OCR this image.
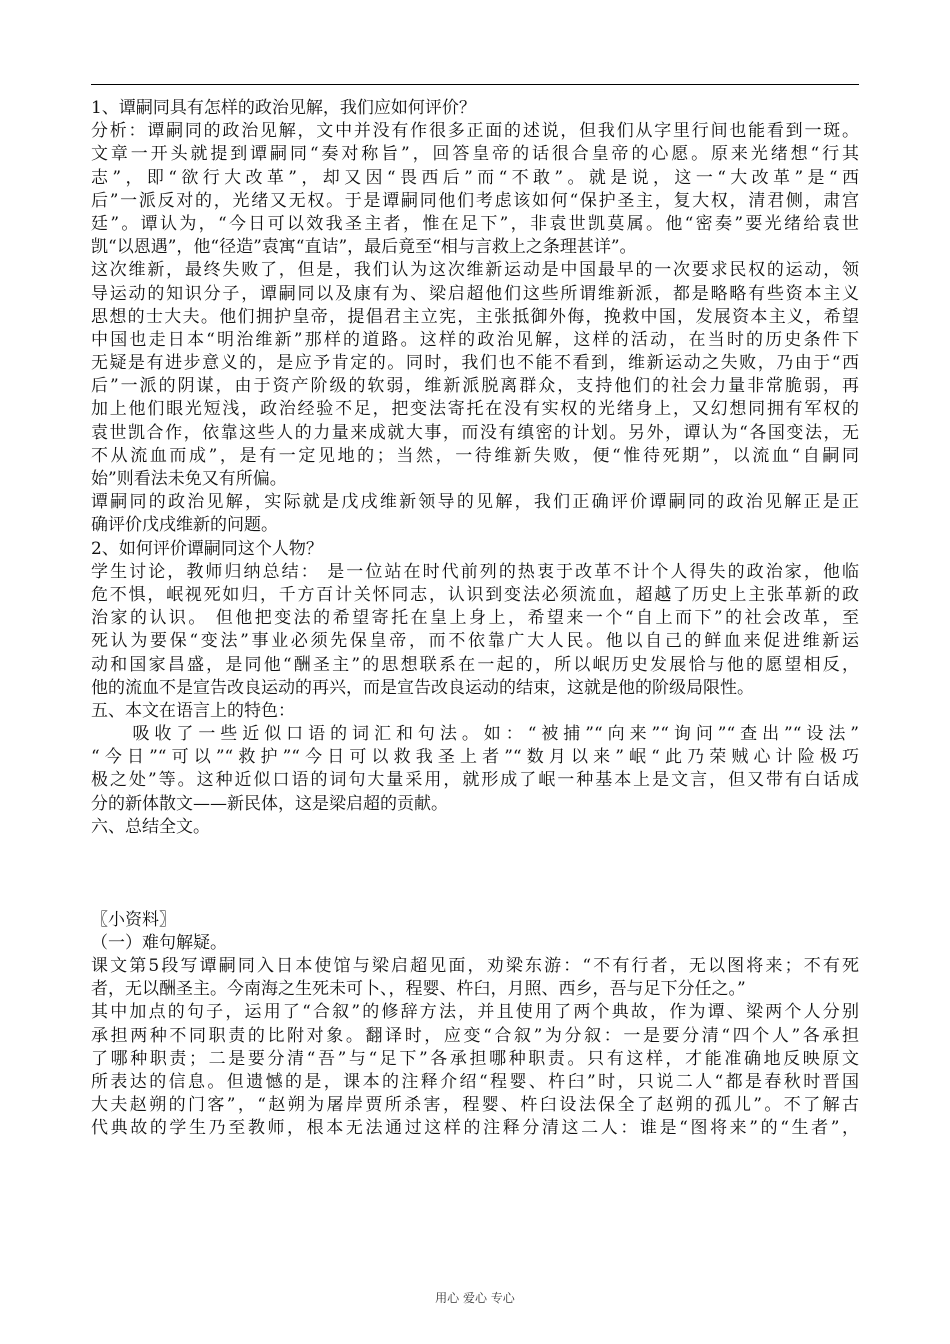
1、谭嗣同具有怎样的政治见解，我们应如何评价？
分析：谭嗣同的政治见解，文中并没有作很多正面的述说，但我们从字里行间也能看到一斑。
文章一开头就提到谭嗣同“奏对称旨”，回答皇帝的话很合皇帝的心愿。原来光绪想“行其
志”，即“欲行大改革”，却又因“畏西后”而“不敢”。就是说，这一“大改革”是“西
后”一派反对的，光绪又无权。于是谭嗣同他们考虑该如何“保护圣主，复大权，清君侧，肃宫
廷”。谭认为，“今日可以效我圣主者，惟在足下”，非袁世凯莫属。他“密奏”要光绪给袁世
凯“以恩遇”，他“径造”袁寓“直诘”，最后竟至“相与言救上之条理甚详”。
这次维新，最终失败了，但是，我们认为这次维新运动是中国最早的一次要求民权的运动，领
导运动的知识分子，谭嗣同以及康有为、梁启超他们这些所谓维新派，都是略略有些资本主义
思想的士大夫。他们拥护皇帝，提倡君主立宪，主张抵御外侮，挽救中国，发展资本主义，希望
中国也走日本“明治维新”那样的道路。这样的政治见解，这样的活动，在当时的历史条件下
无疑是有进步意义的，是应予肯定的。同时，我们也不能不看到，维新运动之失败，乃由于“西
后”一派的阴谋，由于资产阶级的软弱，维新派脱离群众，支持他们的社会力量非常脆弱，再
加上他们眼光短浅，政治经验不足，把变法寄托在没有实权的光绪身上，又幻想同拥有军权的
袁世凯合作，依靠这些人的力量来成就大事，而没有缜密的计划。另外，谭认为“各国变法，无
不从流血而成”，是有一定见地的；当然，一待维新失败，便“惟待死期”，以流血“自嗣同
始”则看法未免又有所偏。
谭嗣同的政治见解，实际就是戊戌维新领导的见解，我们正确评价谭嗣同的政治见解正是正
确评价戊戌维新的问题。
2、如何评价谭嗣同这个人物？
学生讨论，教师归纳总结： 是一位站在时代前列的热衷于改革不计个人得失的政治家，他临
危不惧，岷视死如归，千方百计关怀同志，认识到变法必须流血，超越了历史上主张革新的政
治家的认识。 但他把变法的希望寄托在皇上身上，希望来一个“自上而下”的社会改革，至
死认为要保“变法”事业必须先保皇帝，而不依靠广大人民。他以自己的鲜血来促进维新运
动和国家昌盛，是同他“酬圣主”的思想联系在一起的，所以岷历史发展恰与他的愿望相反，
他的流血不是宣告改良运动的再兴，而是宣告改良运动的结束，这就是他的阶级局限性。
五、本文在语言上的特色：
吸收了一些近似口语的词汇和句法。如：“被捕”“向来”“询问”“查出”“设法”
“今日”“可以”“救护”“今日可以救我圣上者”“数月以来”岷“此乃荣贼心计险极巧
极之处”等。这种近似口语的词句大量采用，就形成了岷一种基本上是文言，但又带有白话成
分的新体散文——新民体，这是梁启超的贡献。
六、总结全文。
〖小资料〗
（一）难句解疑。
课文第5段写谭嗣同入日本使馆与梁启超见面，劝梁东游：“不有行者，无以图将来；不有死
者，无以酬圣主。今南海之生死未可卜、，程婴、杵臼，月照、西乡，吾与足下分任之。”
其中加点的句子，运用了“合叙”的修辞方法，并且使用了两个典故，作为谭、梁两个人分别
承担两种不同职责的比附对象。翻译时，应变“合叙”为分叙：一是要分清“四个人”各承担
了哪种职责；二是要分清“吾”与“足下”各承担哪种职责。只有这样，才能准确地反映原文
所表达的信息。但遗憾的是，课本的注释介绍“程婴、杵臼”时，只说二人“都是春秋时晋国
大夫赵朔的门客”，“赵朔为屠岸贾所杀害，程婴、杵臼设法保全了赵朔的孤儿”。不了解古
代典故的学生乃至教师，根本无法通过这样的注释分清这二人：谁是“图将来”的“生者”，
用心 爱心 专心
